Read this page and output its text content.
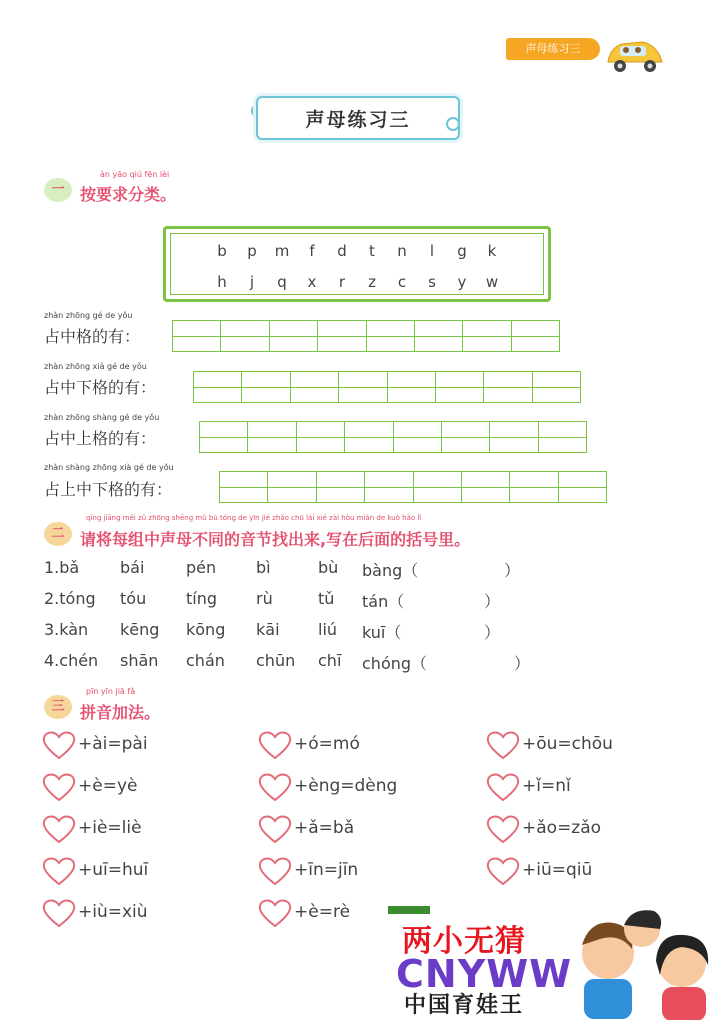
声母练习三
声母练习三
àn yāo qiú fēn lèi
一 按要求分类。
b p m	f	d	t	n	l	g k
h	j	q x	r	z c s y w
zhàn zhōng gé de yǒu
占中格的有：
zhàn zhōng xià gé de yǒu
占中下格的有：
zhàn zhōng shàng gé de yǒu
占中上格的有：
zhàn shàng zhōng xià gé de yǒu
占上中下格的有：
qǐng jiāng měi zǔ zhōng shēng mǔ bù tóng de yīn jié zhǎo chū lái xiě zài hòu miàn de kuò hào lǐ
二 请将每组中声母不同的音节找出来,写在后面的括号里。
1.bǎ	bái	pén bì	bù bàng（	）
2.tóng tóu tíng rù	tǔ tán（	）
3.kàn kēng kōng kāi liú kuī（	）
4.chén shān chán chūn chī chóng（	）
pīn yīn jiā fǎ
三 拼音加法。
+ài=pài	+ó=mó	+ōu=chōu
+è=yè	+èng=dèng	+ǐ=nǐ
+iè=liè	+ǎ=bǎ	+ǎo=zǎo
+uī=huī	+īn=jīn	+iū=qiū
+iù=xiù	+è=rè
两小无猜
CNYWW
中国育娃王
